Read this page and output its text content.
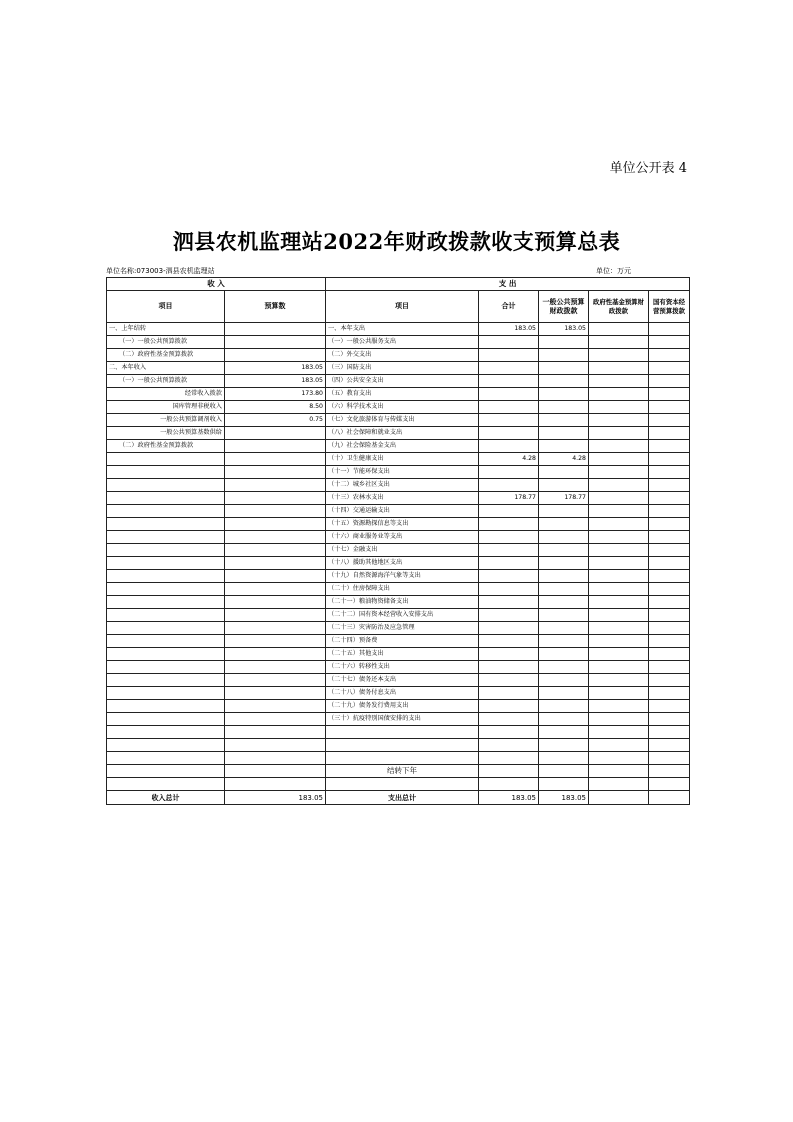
单位公开表 4
泗县农机监理站2022年财政拨款收支预算总表
单位名称:073003-泗县农机监理站	单位：万元
收 入		支 出				
项目	预算数	项目	合计	一般公共预算财政拨款	政府性基金预算财政拨款	国有资本经营预算拨款
一、上年结转		一、本年支出	183.05	183.05		
（一）一般公共预算拨款		（一）一般公共服务支出				
（二）政府性基金预算拨款		（二）外交支出				
二、本年收入	183.05	（三）国防支出				
（一）一般公共预算拨款	183.05	（四）公共安全支出				
经常收入拨款	173.80	（五）教育支出				
国库管理非税收入	8.50	（六）科学技术支出				
一般公共预算调剂收入	0.75	（七）文化旅游体育与传媒支出				
一般公共预算基数供给		（八）社会保障和就业支出				
（二）政府性基金预算拨款		（九）社会保险基金支出				
		（十）卫生健康支出	4.28	4.28		
		（十一）节能环保支出				
		（十二）城乡社区支出				
		（十三）农林水支出	178.77	178.77		
		（十四）交通运输支出				
		（十五）资源勘探信息等支出				
		（十六）商业服务业等支出				
		（十七）金融支出				
		（十八）援助其他地区支出				
		（十九）自然资源海洋气象等支出				
		（二十）住房保障支出				
		（二十一）粮油物资储备支出				
		（二十二）国有资本经营收入安排支出				
		（二十三）灾害防治及应急管理				
		（二十四）预备费				
		（二十五）其他支出				
		（二十六）转移性支出				
		（二十七）债务还本支出				
		（二十八）债务付息支出				
		（二十九）债务发行费用支出				
		（三十）抗疫特别国债安排的支出				

		结转下年				

收入总计	183.05	支出总计	183.05	183.05		
